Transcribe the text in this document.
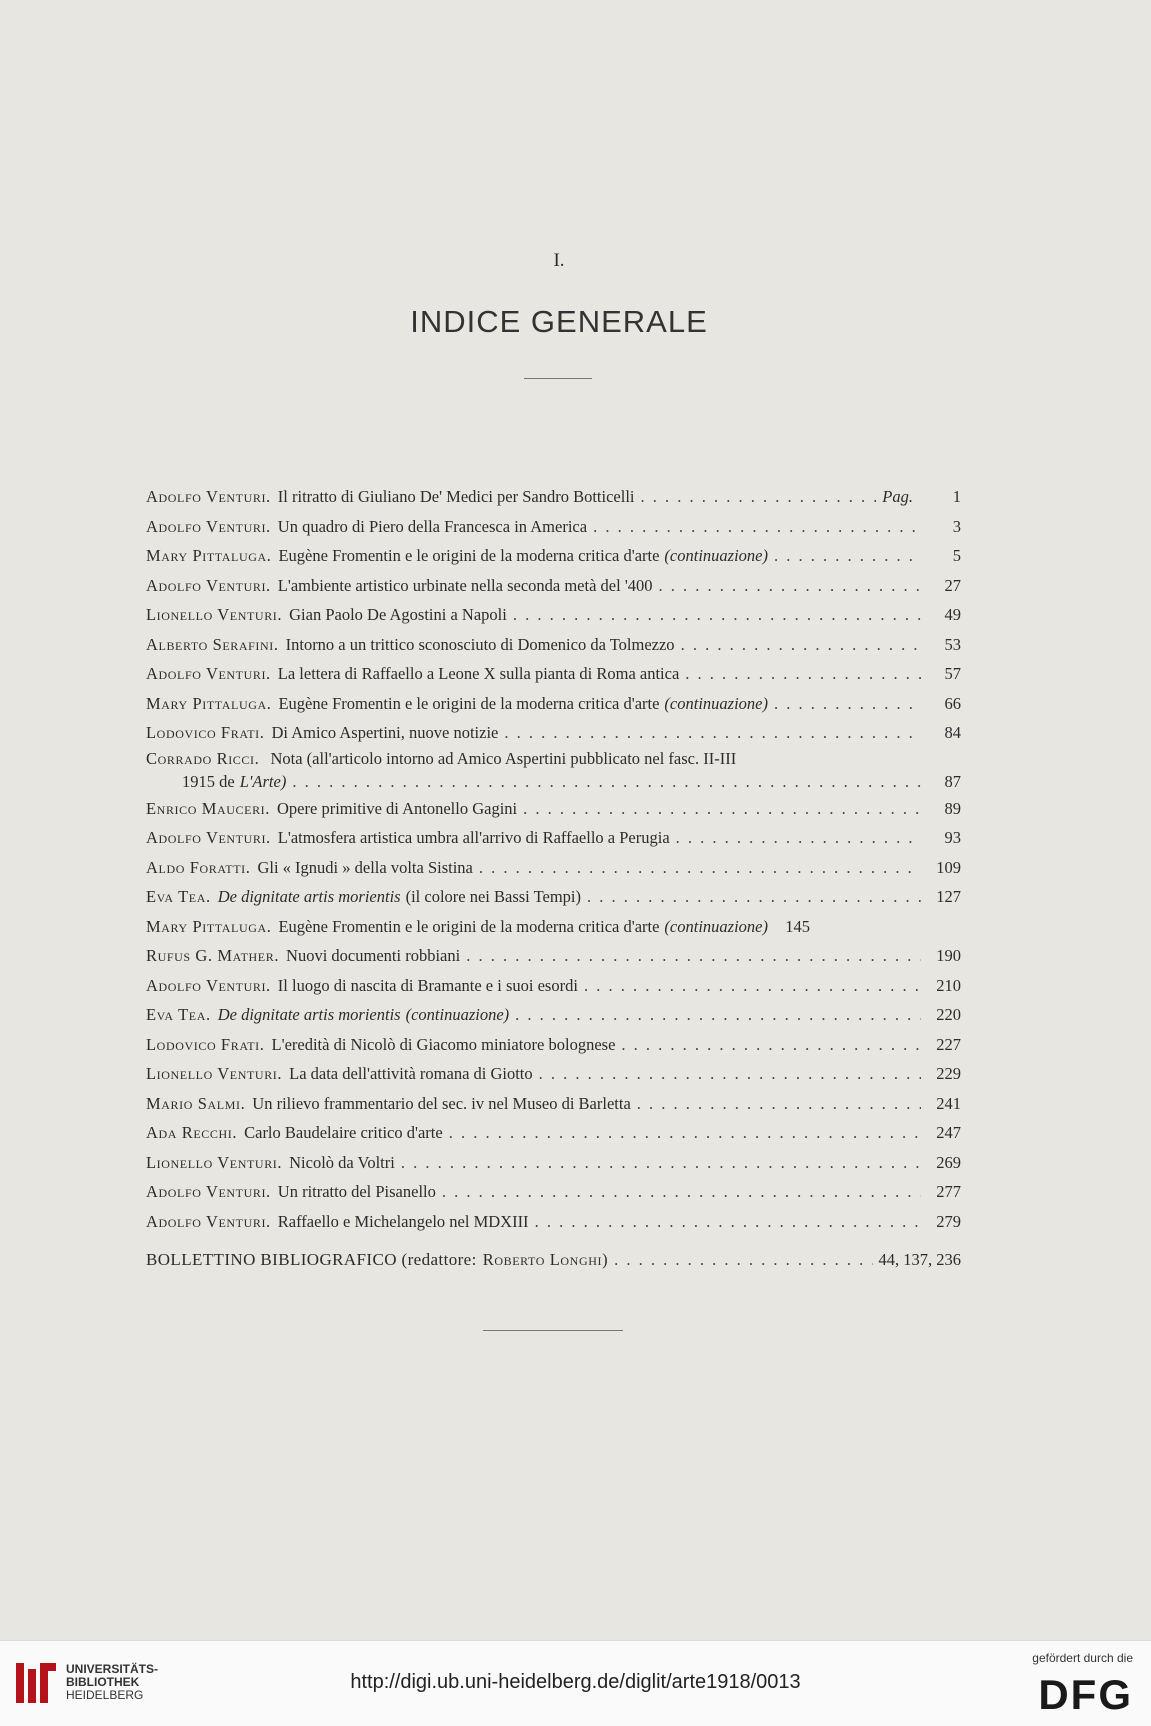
I.
INDICE GENERALE
Adolfo Venturi. Il ritratto di Giuliano De' Medici per Sandro Botticelli . . .	Pag.	1
Adolfo Venturi. Un quadro di Piero della Francesca in America . . .	3
Mary Pittaluga. Eugène Fromentin e le origini de la moderna critica d'arte (continuazione) . . .	5
Adolfo Venturi. L'ambiente artistico urbinate nella seconda metà del '400 . . .	27
Lionello Venturi. Gian Paolo De Agostini a Napoli . . .	49
Alberto Serafini. Intorno a un trittico sconosciuto di Domenico da Tolmezzo . . .	53
Adolfo Venturi. La lettera di Raffaello a Leone X sulla pianta di Roma antica . . .	57
Mary Pittaluga. Eugène Fromentin e le origini de la moderna critica d'arte (continuazione) . . .	66
Lodovico Frati. Di Amico Aspertini, nuove notizie . . .	84
Corrado Ricci. Nota (all'articolo intorno ad Amico Aspertini pubblicato nel fasc. II-III
1915 de L'Arte) . . .	87
Enrico Mauceri. Opere primitive di Antonello Gagini . . .	89
Adolfo Venturi. L'atmosfera artistica umbra all'arrivo di Raffaello a Perugia . . .	93
Aldo Foratti. Gli « Ignudi » della volta Sistina . . .	109
Eva Tea. De dignitate artis morientis (il colore nei Bassi Tempi) . . .	127
Mary Pittaluga. Eugène Fromentin e le origini de la moderna critica d'arte (continuazione)	145
Rufus G. Mather. Nuovi documenti robbiani . . .	190
Adolfo Venturi. Il luogo di nascita di Bramante e i suoi esordi . . .	210
Eva Tea. De dignitate artis morientis (continuazione) . . .	220
Lodovico Frati. L'eredità di Nicolò di Giacomo miniatore bolognese . . .	227
Lionello Venturi. La data dell'attività romana di Giotto . . .	229
Mario Salmi. Un rilievo frammentario del sec. iv nel Museo di Barletta . . .	241
Ada Recchi. Carlo Baudelaire critico d'arte . . .	247
Lionello Venturi. Nicolò da Voltri . . .	269
Adolfo Venturi. Un ritratto del Pisanello . . .	277
Adolfo Venturi. Raffaello e Michelangelo nel MDXIII . . .	279
BOLLETTINO BIBLIOGRAFICO (redattore: Roberto Longhi) . . .	44, 137, 236
UNIVERSITÄTS-
BIBLIOTHEK
HEIDELBERG
http://digi.ub.uni-heidelberg.de/diglit/arte1918/0013
gefördert durch die
DFG
